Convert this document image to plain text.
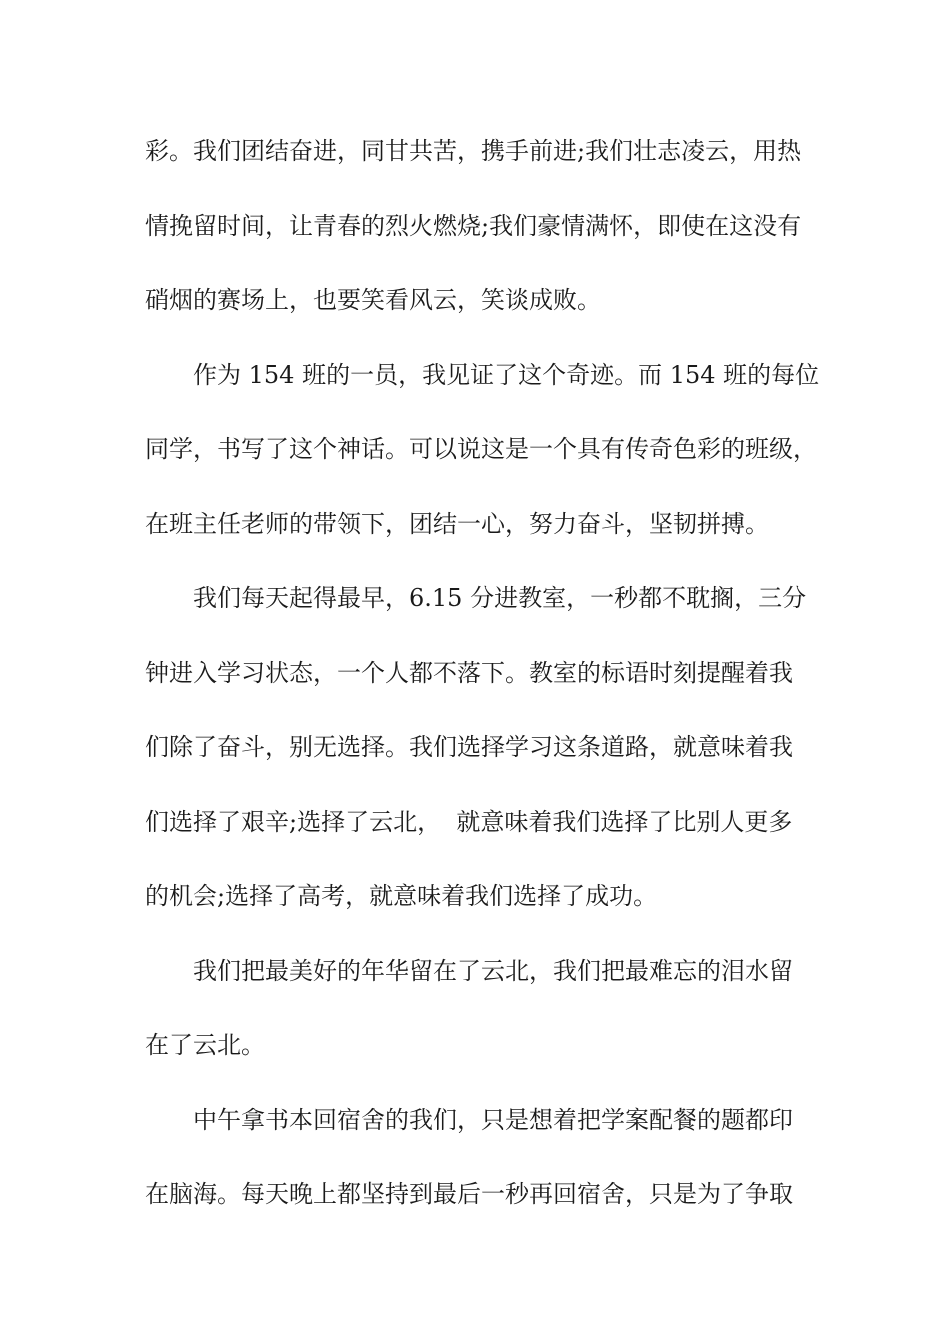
彩。我们团结奋进，同甘共苦，携手前进;我们壮志凌云，用热
情挽留时间，让青春的烈火燃烧;我们豪情满怀，即使在这没有
硝烟的赛场上，也要笑看风云，笑谈成败。
作为 154 班的一员，我见证了这个奇迹。而 154 班的每位
同学，书写了这个神话。可以说这是一个具有传奇色彩的班级，
在班主任老师的带领下，团结一心，努力奋斗，坚韧拼搏。
我们每天起得最早，6.15 分进教室，一秒都不耽搁，三分
钟进入学习状态，一个人都不落下。教室的标语时刻提醒着我
们除了奋斗，别无选择。我们选择学习这条道路，就意味着我
们选择了艰辛;选择了云北，  就意味着我们选择了比别人更多
的机会;选择了高考，就意味着我们选择了成功。
我们把最美好的年华留在了云北，我们把最难忘的泪水留
在了云北。
中午拿书本回宿舍的我们，只是想着把学案配餐的题都印
在脑海。每天晚上都坚持到最后一秒再回宿舍，只是为了争取
